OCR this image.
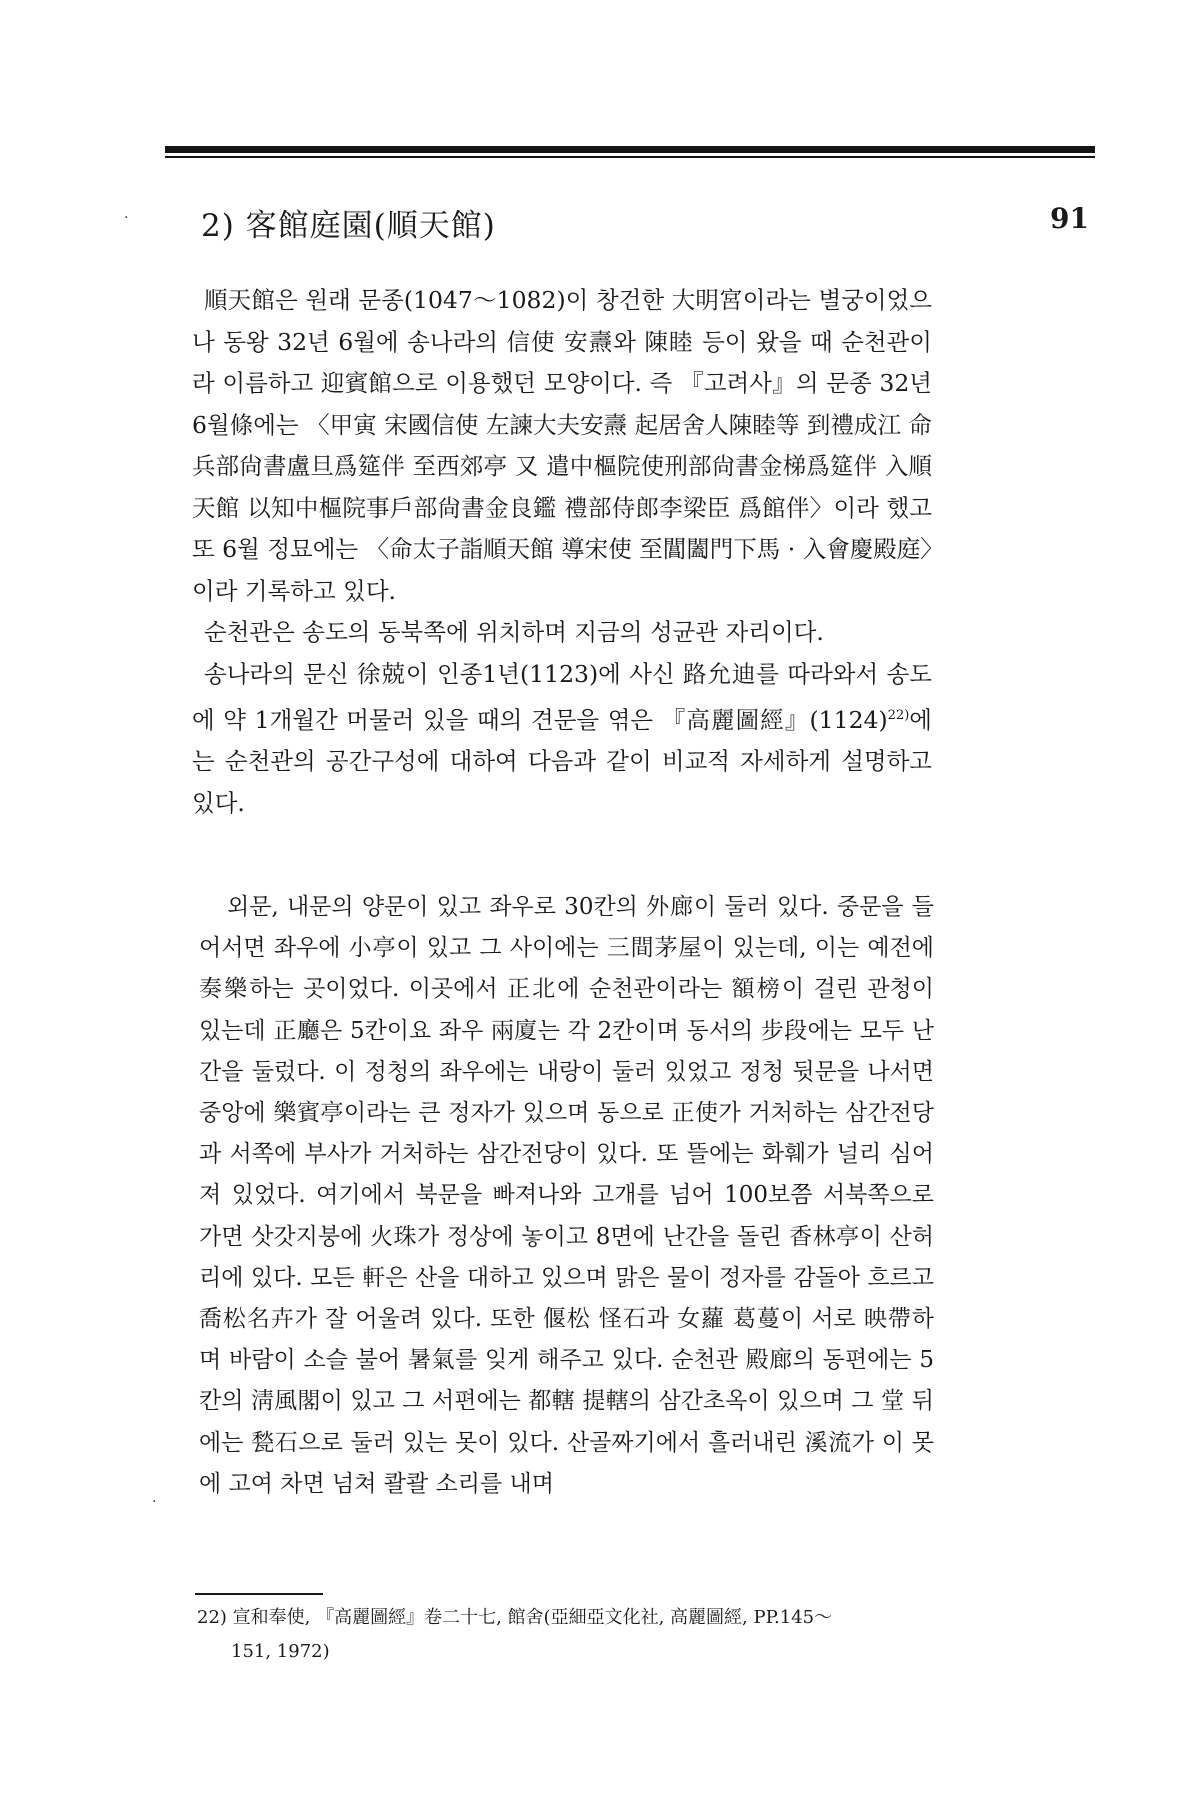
. 2) 客館庭園(順天館)	91

順天館은 원래 문종(1047～1082)이 창건한 大明宮이라는 별궁이었으나 동왕 32년 6월에 송나라의 信使 安燾와 陳睦 등이 왔을 때 순천관이라 이름하고 迎賓館으로 이용했던 모양이다. 즉 『고려사』의 문종 32년 6월條에는 〈甲寅 宋國信使 左諫大夫安燾 起居舍人陳睦等 到禮成江 命兵部尙書盧旦爲筵伴 至西郊亭 又 遣中樞院使刑部尙書金梯爲筵伴 入順天館 以知中樞院事戶部尙書金良鑑 禮部侍郎李梁臣 爲館伴〉이라 했고 또 6월 정묘에는 〈命太子詣順天館 導宋使 至閶闔門下馬 · 入會慶殿庭〉이라 기록하고 있다.

순천관은 송도의 동북쪽에 위치하며 지금의 성균관 자리이다.

송나라의 문신 徐兢이 인종1년(1123)에 사신 路允迪를 따라와서 송도에 약 1개월간 머물러 있을 때의 견문을 엮은 『高麗圖經』$(1124)^{22)}$에는 순천관의 공간구성에 대하여 다음과 같이 비교적 자세하게 설명하고 있다.

외문, 내문의 양문이 있고 좌우로 30칸의 外廊이 둘러 있다. 중문을 들어서면 좌우에 小亭이 있고 그 사이에는 三間茅屋이 있는데, 이는 예전에 奏樂하는 곳이었다. 이곳에서 正北에 순천관이라는 額榜이 걸린 관청이 있는데 正廳은 5칸이요 좌우 兩廈는 각 2칸이며 동서의 步段에는 모두 난간을 둘렀다. 이 정청의 좌우에는 내랑이 둘러 있었고 정청 뒷문을 나서면 중앙에 樂賓亭이라는 큰 정자가 있으며 동으로 正使가 거처하는 삼간전당과 서쪽에 부사가 거처하는 삼간전당이 있다. 또 뜰에는 화훼가 널리 심어져 있었다. 여기에서 북문을 빠져나와 고개를 넘어 100보쯤 서북쪽으로 가면 삿갓지붕에 火珠가 정상에 놓이고 8면에 난간을 돌린 香林亭이 산허리에 있다. 모든 軒은 산을 대하고 있으며 맑은 물이 정자를 감돌아 흐르고 喬松名卉가 잘 어울려 있다. 또한 偃松 怪石과 女蘿 葛蔓이 서로 映帶하며 바람이 소슬 불어 暑氣를 잊게 해주고 있다. 순천관 殿廊의 동편에는 5칸의 淸風閣이 있고 그 서편에는 都轄 提轄의 삼간초옥이 있으며 그 堂 뒤에는 甃石으로 둘러 있는 못이 있다. 산골짜기에서 흘러내린 溪流가 이 못에 고여 차면 넘쳐 콸콸 소리를 내며

.
22) 宣和奉使, 『高麗圖經』卷二十七, 館舍(亞細亞文化社, 高麗圖經, PP.145～
151, 1972)
